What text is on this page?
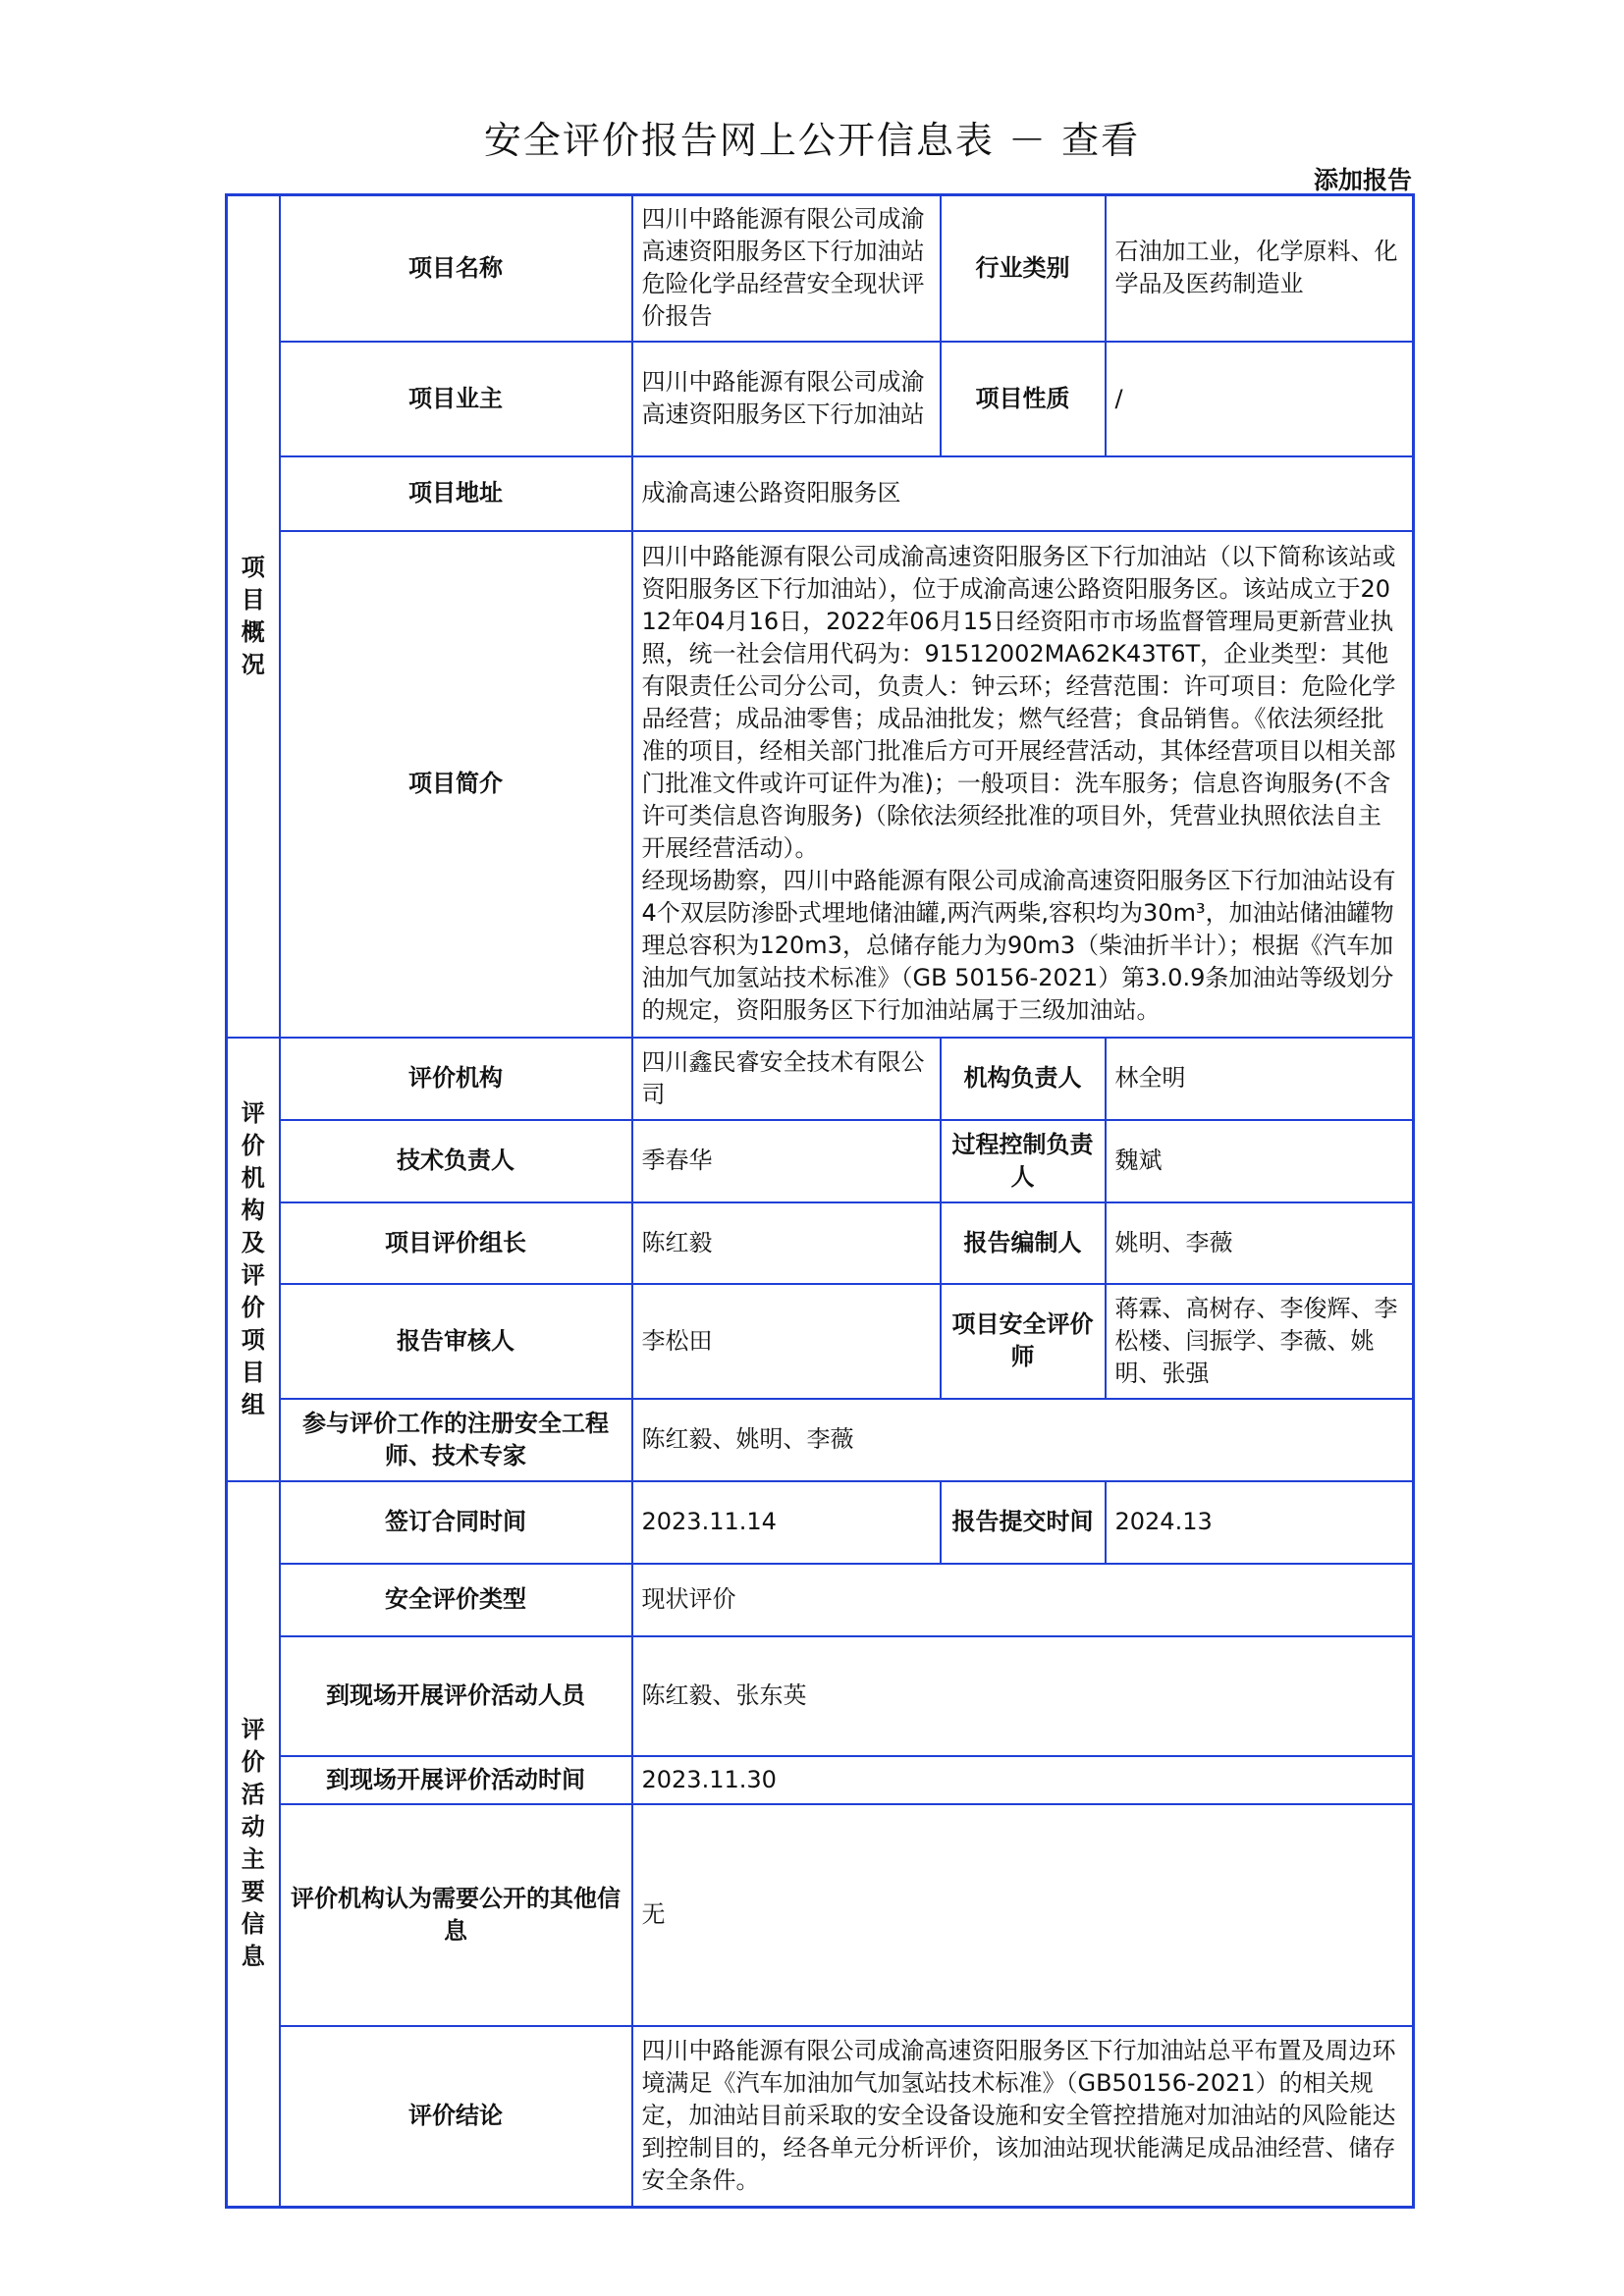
安全评价报告网上公开信息表 － 查看
添加报告
项目概况	项目名称	四川中路能源有限公司成渝高速资阳服务区下行加油站危险化学品经营安全现状评价报告	行业类别	石油加工业，化学原料、化学品及医药制造业
	项目业主	四川中路能源有限公司成渝高速资阳服务区下行加油站	项目性质	/
	项目地址	成渝高速公路资阳服务区		
	项目简介	四川中路能源有限公司成渝高速资阳服务区下行加油站（以下简称该站或资阳服务区下行加油站），位于成渝高速公路资阳服务区。该站成立于2012年04月16日，2022年06月15日经资阳市市场监督管理局更新营业执照，统一社会信用代码为：91512002MA62K43T6T，企业类型：其他有限责任公司分公司，负责人：钟云环；经营范围：许可项目：危险化学品经营；成品油零售；成品油批发；燃气经营；食品销售。《依法须经批准的项目，经相关部门批准后方可开展经营活动，其体经营项目以相关部门批准文件或许可证件为准)；一般项目：洗车服务；信息咨询服务(不含许可类信息咨询服务)（除依法须经批准的项目外，凭营业执照依法自主开展经营活动）。
经现场勘察，四川中路能源有限公司成渝高速资阳服务区下行加油站设有4个双层防渗卧式埋地储油罐,两汽两柴,容积均为30m³，加油站储油罐物理总容积为120m3，总储存能力为90m3（柴油折半计）；根据《汽车加油加气加氢站技术标准》（GB 50156-2021）第3.0.9条加油站等级划分的规定，资阳服务区下行加油站属于三级加油站。		

评价机构及评价项目组	评价机构	四川鑫民睿安全技术有限公司	机构负责人	林全明
	技术负责人	季春华	过程控制负责人	魏斌
	项目评价组长	陈红毅	报告编制人	姚明、李薇
	报告审核人	李松田	项目安全评价师	蒋霖、高树存、李俊辉、李松楼、闫振学、李薇、姚明、张强
	参与评价工作的注册安全工程师、技术专家	陈红毅、姚明、李薇		
评价活动主要信息	签订合同时间	2023.11.14	报告提交时间	2024.13
	安全评价类型	现状评价		
	到现场开展评价活动人员	陈红毅、张东英		
	到现场开展评价活动时间	2023.11.30		
	评价机构认为需要公开的其他信息	无		
	评价结论	四川中路能源有限公司成渝高速资阳服务区下行加油站总平布置及周边环境满足《汽车加油加气加氢站技术标准》（GB50156-2021）的相关规定，加油站目前采取的安全设备设施和安全管控措施对加油站的风险能达到控制目的，经各单元分析评价，该加油站现状能满足成品油经营、储存安全条件。		
